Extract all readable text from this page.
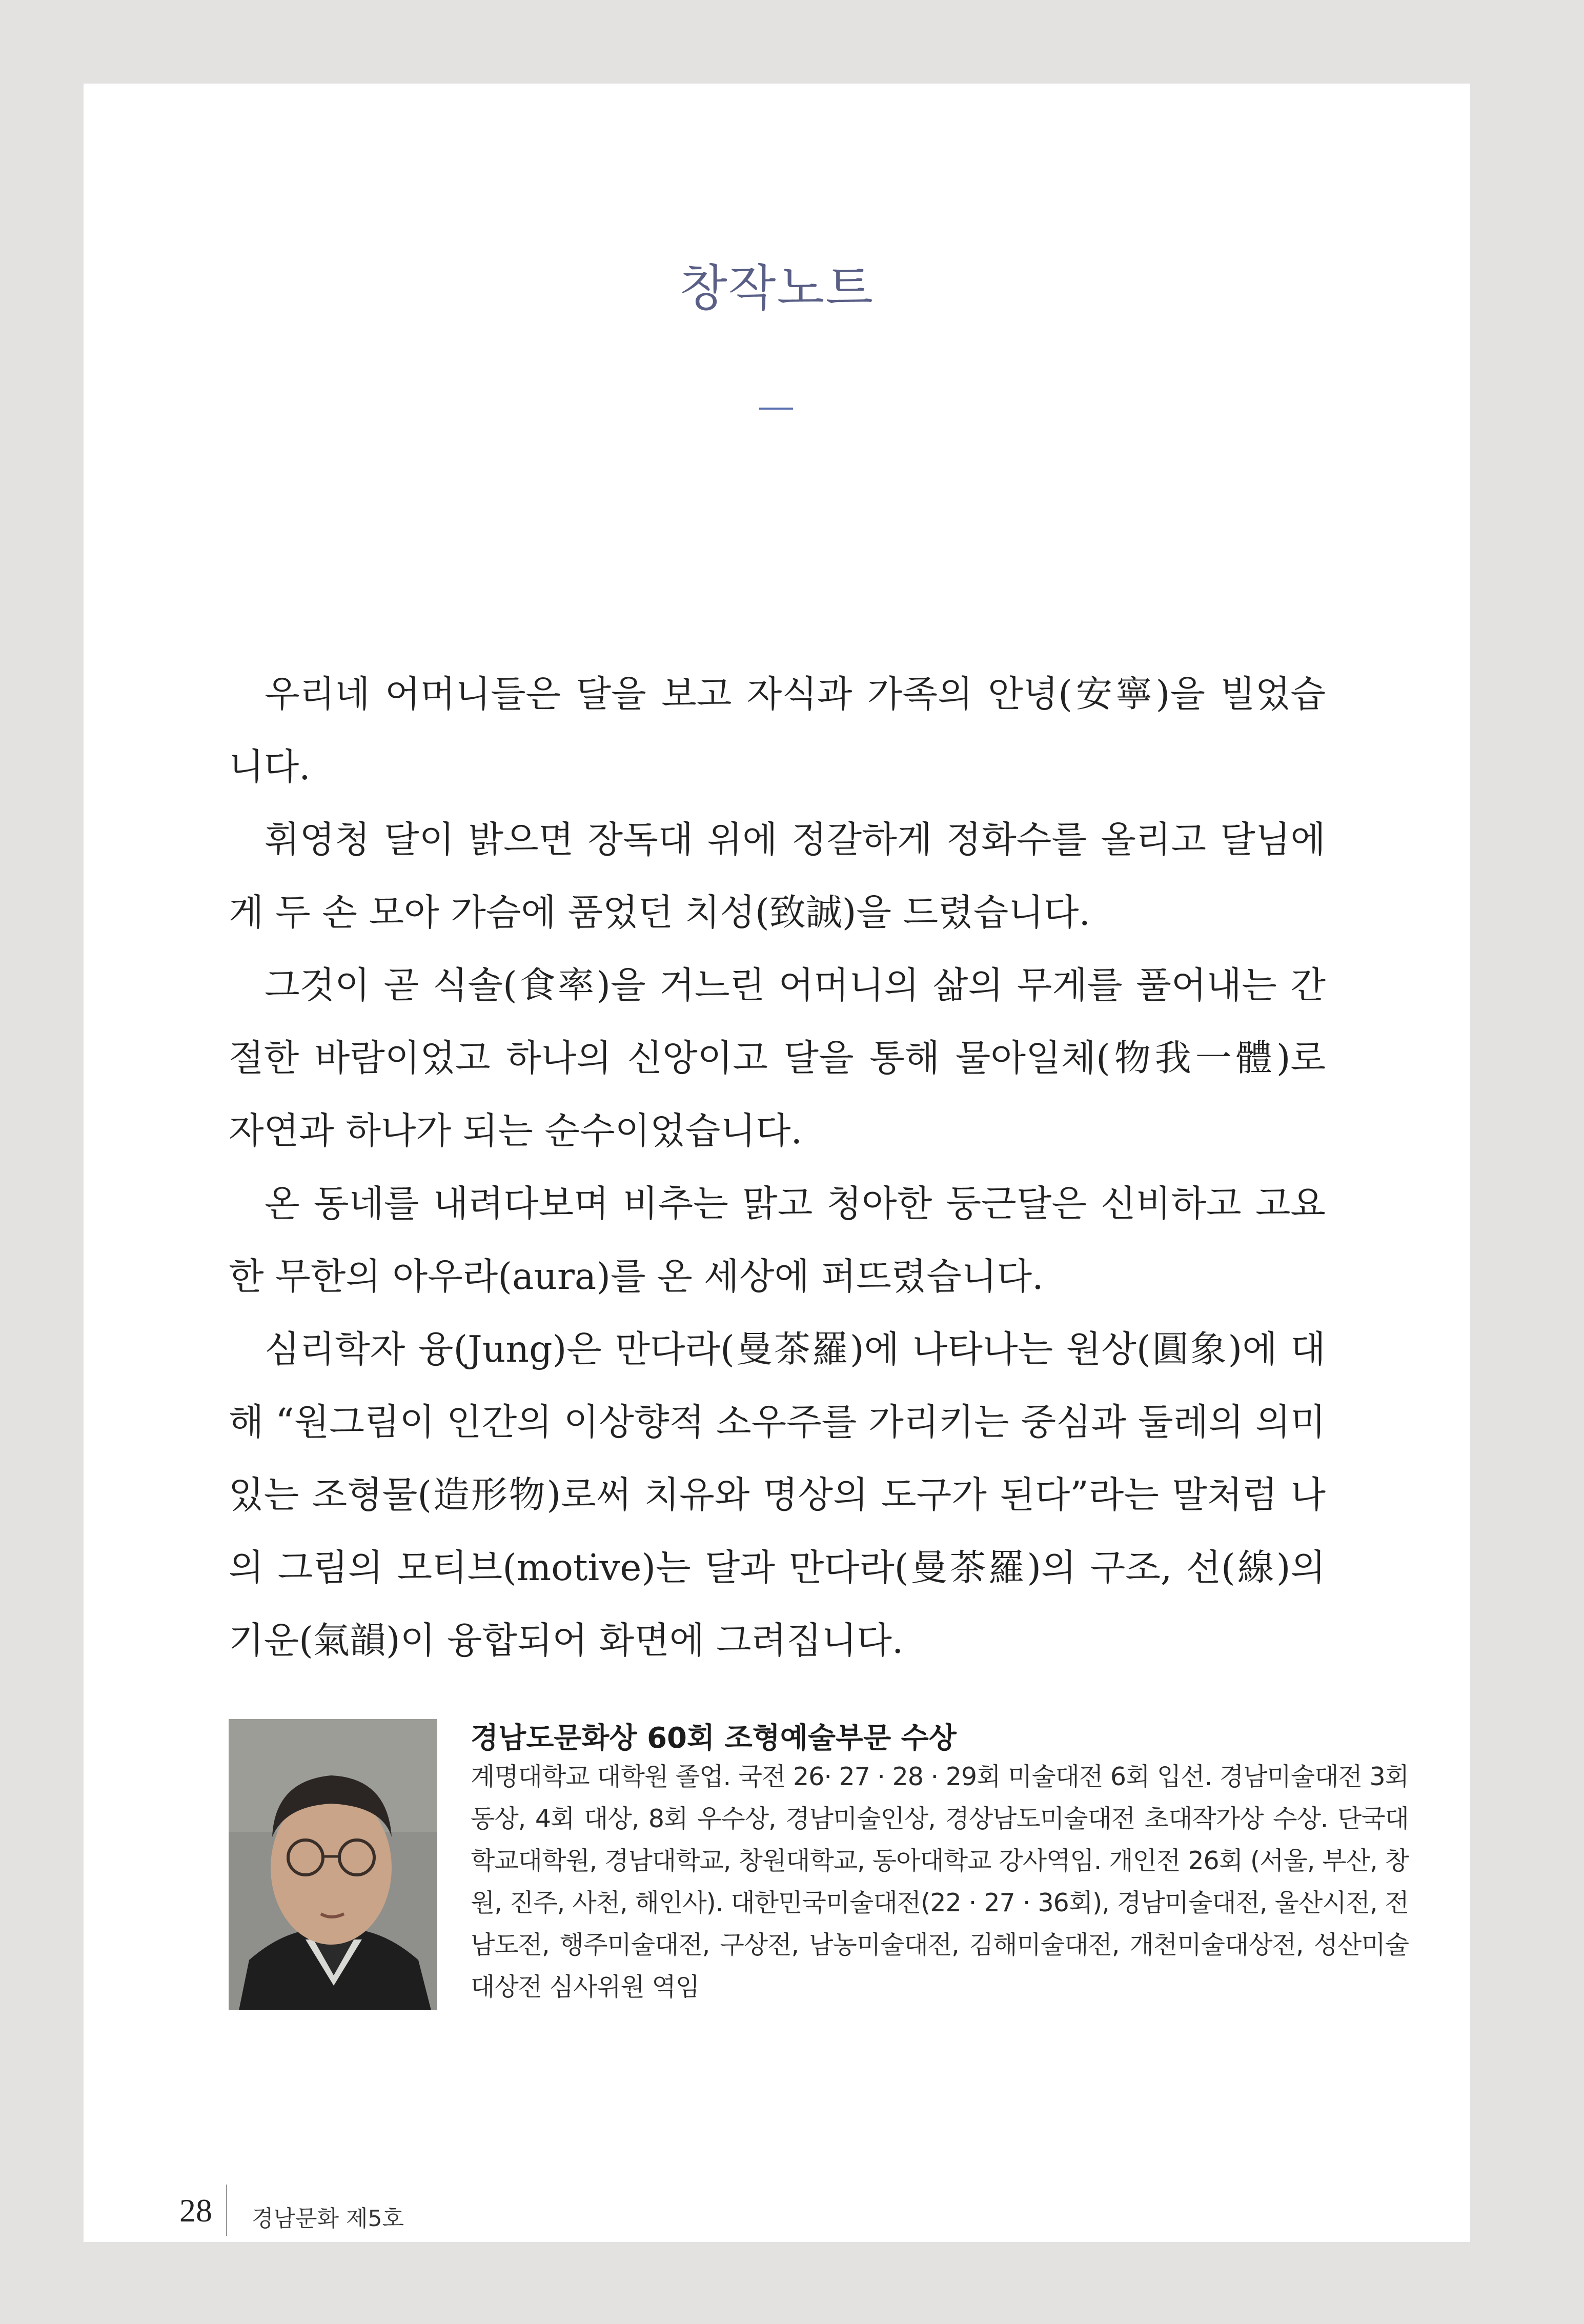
창작노트

우리네 어머니들은 달을 보고 자식과 가족의 안녕(安寧)을 빌었습니다.

휘영청 달이 밝으면 장독대 위에 정갈하게 정화수를 올리고 달님에게 두 손 모아 가슴에 품었던 치성(致誠)을 드렸습니다.

그것이 곧 식솔(食率)을 거느린 어머니의 삶의 무게를 풀어내는 간절한 바람이었고 하나의 신앙이고 달을 통해 물아일체(物我一體)로 자연과 하나가 되는 순수이었습니다.

온 동네를 내려다보며 비추는 맑고 청아한 둥근달은 신비하고 고요한 무한의 아우라(aura)를 온 세상에 퍼뜨렸습니다.

심리학자 융(Jung)은 만다라(曼茶羅)에 나타나는 원상(圓象)에 대해 “원그림이 인간의 이상향적 소우주를 가리키는 중심과 둘레의 의미 있는 조형물(造形物)로써 치유와 명상의 도구가 된다”라는 말처럼 나의 그림의 모티브(motive)는 달과 만다라(曼茶羅)의 구조, 선(線)의 기운(氣韻)이 융합되어 화면에 그려집니다.

경남도문화상 60회 조형예술부문 수상
계명대학교 대학원 졸업. 국전 26· 27 · 28 · 29회 미술대전 6회 입선. 경남미술대전 3회 동상, 4회 대상, 8회 우수상, 경남미술인상, 경상남도미술대전 초대작가상 수상. 단국대학교대학원, 경남대학교, 창원대학교, 동아대학교 강사역임. 개인전 26회 (서울, 부산, 창원, 진주, 사천, 해인사). 대한민국미술대전(22 · 27 · 36회), 경남미술대전, 울산시전, 전남도전, 행주미술대전, 구상전, 남농미술대전, 김해미술대전, 개천미술대상전, 성산미술대상전 심사위원 역임
28 경남문화 제5호
